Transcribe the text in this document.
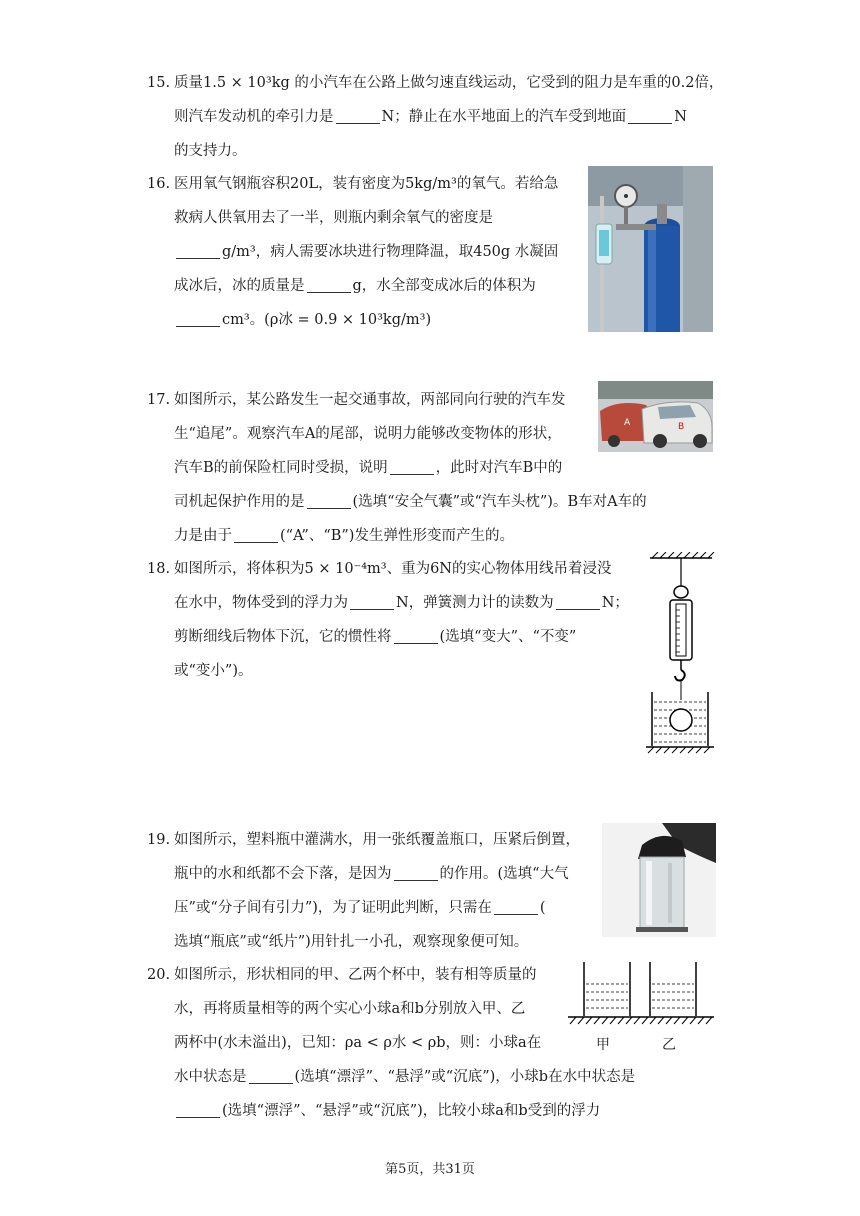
15. 质量1.5 × 10³kg 的小汽车在公路上做匀速直线运动，它受到的阻力是车重的0.2倍，
则汽车发动机的牵引力是	N；静止在水平地面上的汽车受到地面	N
的支持力。
16. 医用氧气钢瓶容积20L，装有密度为5kg/m³的氧气。若给急
救病人供氧用去了一半，则瓶内剩余氧气的密度是
g/m³，病人需要冰块进行物理降温，取450g 水凝固
成冰后，冰的质量是	g，水全部变成冰后的体积为
cm³。(ρ冰 = 0.9 × 10³kg/m³)
17. 如图所示，某公路发生一起交通事故，两部同向行驶的汽车发
生“追尾”。观察汽车A的尾部，说明力能够改变物体的形状，
汽车B的前保险杠同时受损，说明	，此时对汽车B中的
司机起保护作用的是	(选填“安全气囊”或“汽车头枕”)。B车对A车的
力是由于	(“A”、“B”)发生弹性形变而产生的。
A	B
18. 如图所示，将体积为5 × 10⁻⁴m³、重为6N的实心物体用线吊着浸没
在水中，物体受到的浮力为	N，弹簧测力计的读数为	N；
剪断细线后物体下沉，它的惯性将	(选填“变大”、“不变”
或“变小”)。
19. 如图所示，塑料瓶中灌满水，用一张纸覆盖瓶口，压紧后倒置，
瓶中的水和纸都不会下落，是因为	的作用。(选填“大气
压”或“分子间有引力”)，为了证明此判断，只需在	(
选填“瓶底”或“纸片”)用针扎一小孔，观察现象便可知。
20. 如图所示，形状相同的甲、乙两个杯中，装有相等质量的
水，再将质量相等的两个实心小球a和b分别放入甲、乙
两杯中(水未溢出)，已知：ρa < ρ水 < ρb，则：小球a在
水中状态是	(选填“漂浮”、“悬浮”或“沉底”)，小球b在水中状态是
(选填“漂浮”、“悬浮”或“沉底”)，比较小球a和b受到的浮力
甲	乙
第5页，共31页
